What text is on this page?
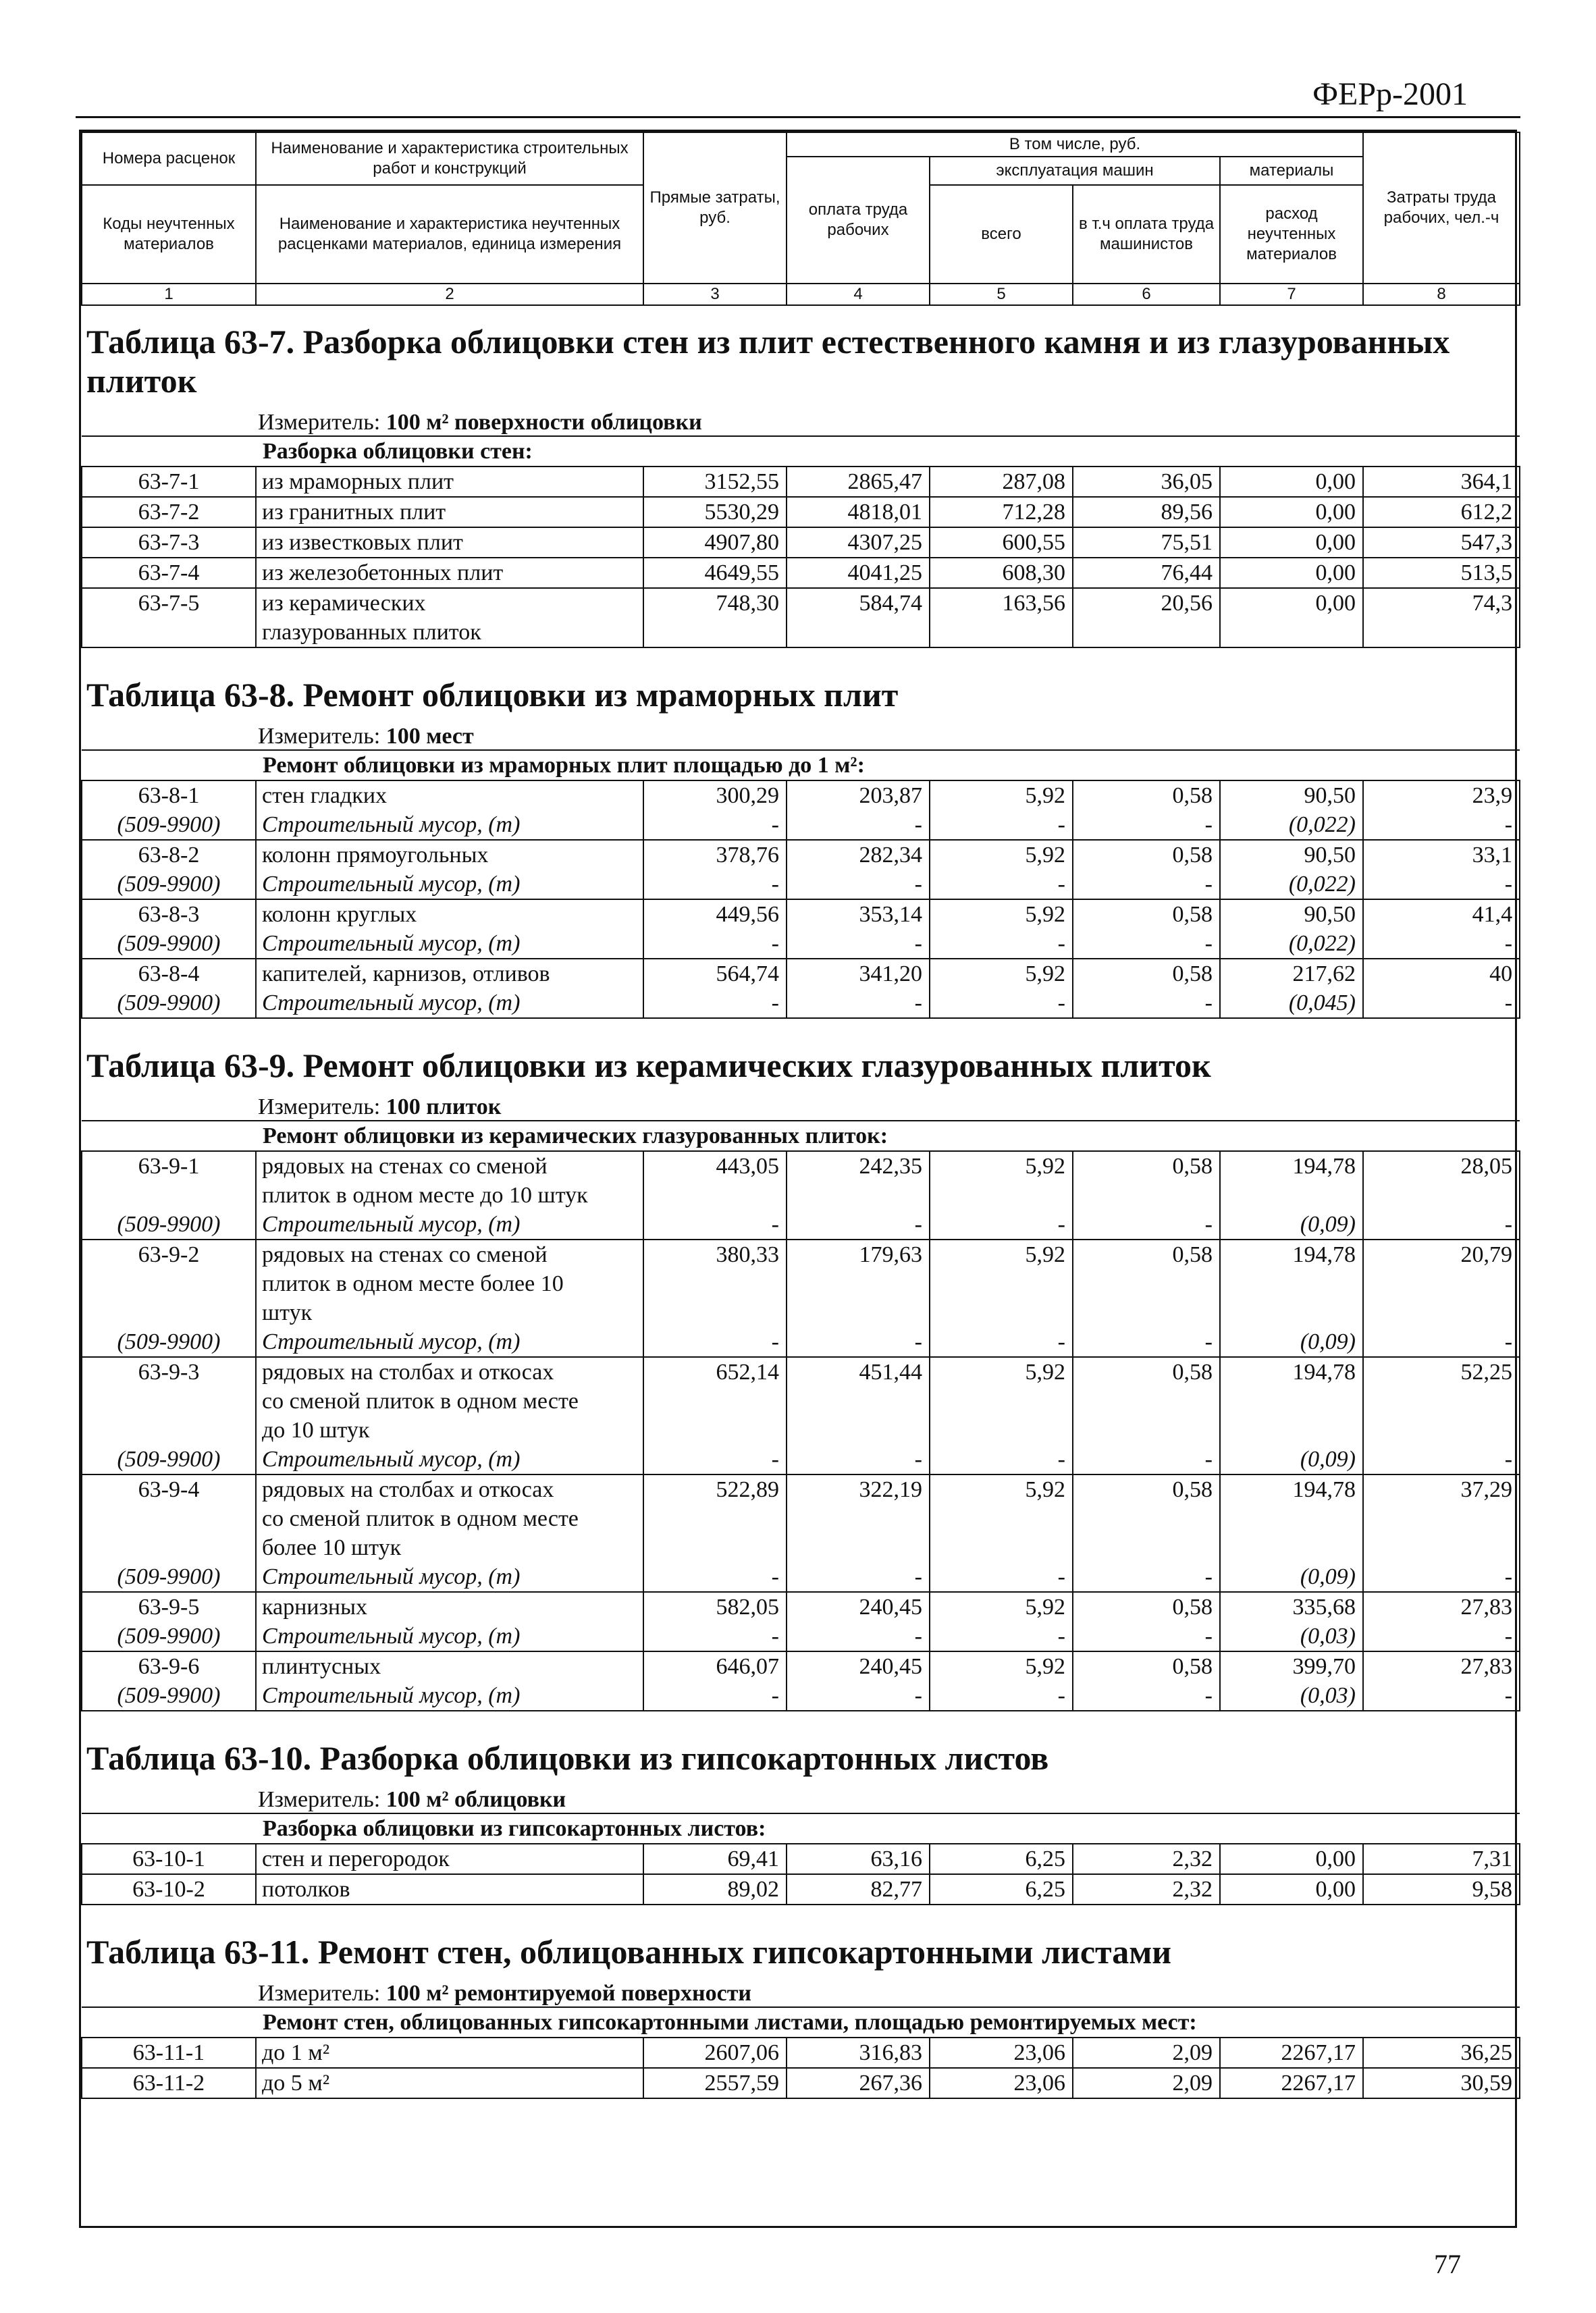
ФЕРр-2001
Номера расценок	Наименование и характеристика строительных работ и конструкций	Прямые затраты, руб.	В том числе, руб.				Затраты труда рабочих, чел.-ч
			оплата труда рабочих	эксплуатация машин		материалы	
Коды неучтенных материалов	Наименование и характеристика неучтенных расценками материалов, единица измерения			всего	в т.ч оплата труда машинистов	расход неучтенных материалов	

1	2	3	4	5	6	7	8
Таблица 63-7. Разборка облицовки стен из плит естественного камня и из глазурованных плиток
Измеритель: 100 м² поверхности облицовки
	Разборка облицовки стен:						
63-7-1	из мраморных плит	3152,55	2865,47	287,08	36,05	0,00	364,1
63-7-2	из гранитных плит	5530,29	4818,01	712,28	89,56	0,00	612,2
63-7-3	из известковых плит	4907,80	4307,25	600,55	75,51	0,00	547,3
63-7-4	из железобетонных плит	4649,55	4041,25	608,30	76,44	0,00	513,5
63-7-5	из керамических
глазурованных плиток	748,30	584,74	163,56	20,56	0,00	74,3
Таблица 63-8. Ремонт облицовки из мраморных плит
Измеритель: 100 мест
	Ремонт облицовки из мраморных плит площадью до 1 м²:						
63-8-1	стен гладких	300,29	203,87	5,92	0,58	90,50	23,9
(509-9900)	Строительный мусор, (т)	-	-	-	-	(0,022)	-
63-8-2	колонн прямоугольных	378,76	282,34	5,92	0,58	90,50	33,1
(509-9900)	Строительный мусор, (т)	-	-	-	-	(0,022)	-
63-8-3	колонн круглых	449,56	353,14	5,92	0,58	90,50	41,4
(509-9900)	Строительный мусор, (т)	-	-	-	-	(0,022)	-
63-8-4	капителей, карнизов, отливов	564,74	341,20	5,92	0,58	217,62	40
(509-9900)	Строительный мусор, (т)	-	-	-	-	(0,045)	-
Таблица 63-9. Ремонт облицовки из керамических глазурованных плиток
Измеритель: 100 плиток
	Ремонт облицовки из керамических глазурованных плиток:						
63-9-1	рядовых на стенах со сменой
плиток в одном месте до 10 штук	443,05	242,35	5,92	0,58	194,78	28,05
(509-9900)	Строительный мусор, (т)	-	-	-	-	(0,09)	-
63-9-2	рядовых на стенах со сменой
плиток в одном месте более 10
штук	380,33	179,63	5,92	0,58	194,78	20,79
(509-9900)	Строительный мусор, (т)	-	-	-	-	(0,09)	-
63-9-3	рядовых на столбах и откосах
со сменой плиток в одном месте
до 10 штук	652,14	451,44	5,92	0,58	194,78	52,25
(509-9900)	Строительный мусор, (т)	-	-	-	-	(0,09)	-
63-9-4	рядовых на столбах и откосах
со сменой плиток в одном месте
более 10 штук	522,89	322,19	5,92	0,58	194,78	37,29
(509-9900)	Строительный мусор, (т)	-	-	-	-	(0,09)	-
63-9-5	карнизных	582,05	240,45	5,92	0,58	335,68	27,83
(509-9900)	Строительный мусор, (т)	-	-	-	-	(0,03)	-
63-9-6	плинтусных	646,07	240,45	5,92	0,58	399,70	27,83
(509-9900)	Строительный мусор, (т)	-	-	-	-	(0,03)	-
Таблица 63-10. Разборка облицовки из гипсокартонных листов
Измеритель: 100 м² облицовки
	Разборка облицовки из гипсокартонных листов:						
63-10-1	стен и перегородок	69,41	63,16	6,25	2,32	0,00	7,31
63-10-2	потолков	89,02	82,77	6,25	2,32	0,00	9,58
Таблица 63-11. Ремонт стен, облицованных гипсокартонными листами
Измеритель: 100 м² ремонтируемой поверхности
	Ремонт стен, облицованных гипсокартонными листами, площадью ремонтируемых мест:						
63-11-1	до 1 м²	2607,06	316,83	23,06	2,09	2267,17	36,25
63-11-2	до 5 м²	2557,59	267,36	23,06	2,09	2267,17	30,59
77
